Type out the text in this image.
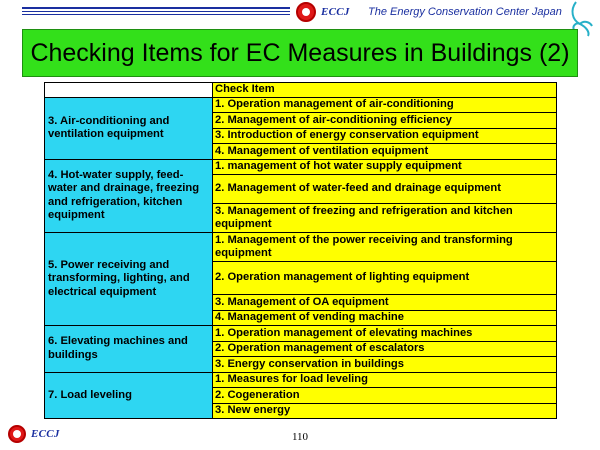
ECCJ The Energy Conservation Center Japan
Checking Items for EC Measures in Buildings (2)
	Check Item
3. Air-conditioning and ventilation equipment	1. Operation management of air-conditioning
	2. Management of air-conditioning efficiency
	3. Introduction of energy conservation equipment
	4. Management of ventilation equipment
4. Hot-water supply, feed-water and drainage, freezing and refrigeration, kitchen equipment	1. management of hot water supply equipment
	2. Management of water-feed and drainage equipment
	3. Management of freezing and refrigeration and kitchen equipment
5. Power receiving and transforming, lighting, and electrical equipment	1. Management of the power receiving and transforming equipment
	2. Operation management of lighting equipment
	3. Management of OA equipment
	4. Management of vending machine
6. Elevating machines and buildings	1. Operation management of elevating machines
	2. Operation management of escalators
	3. Energy conservation in buildings
7. Load leveling	1. Measures for load leveling
	2. Cogeneration
	3. New energy
ECCJ	110
